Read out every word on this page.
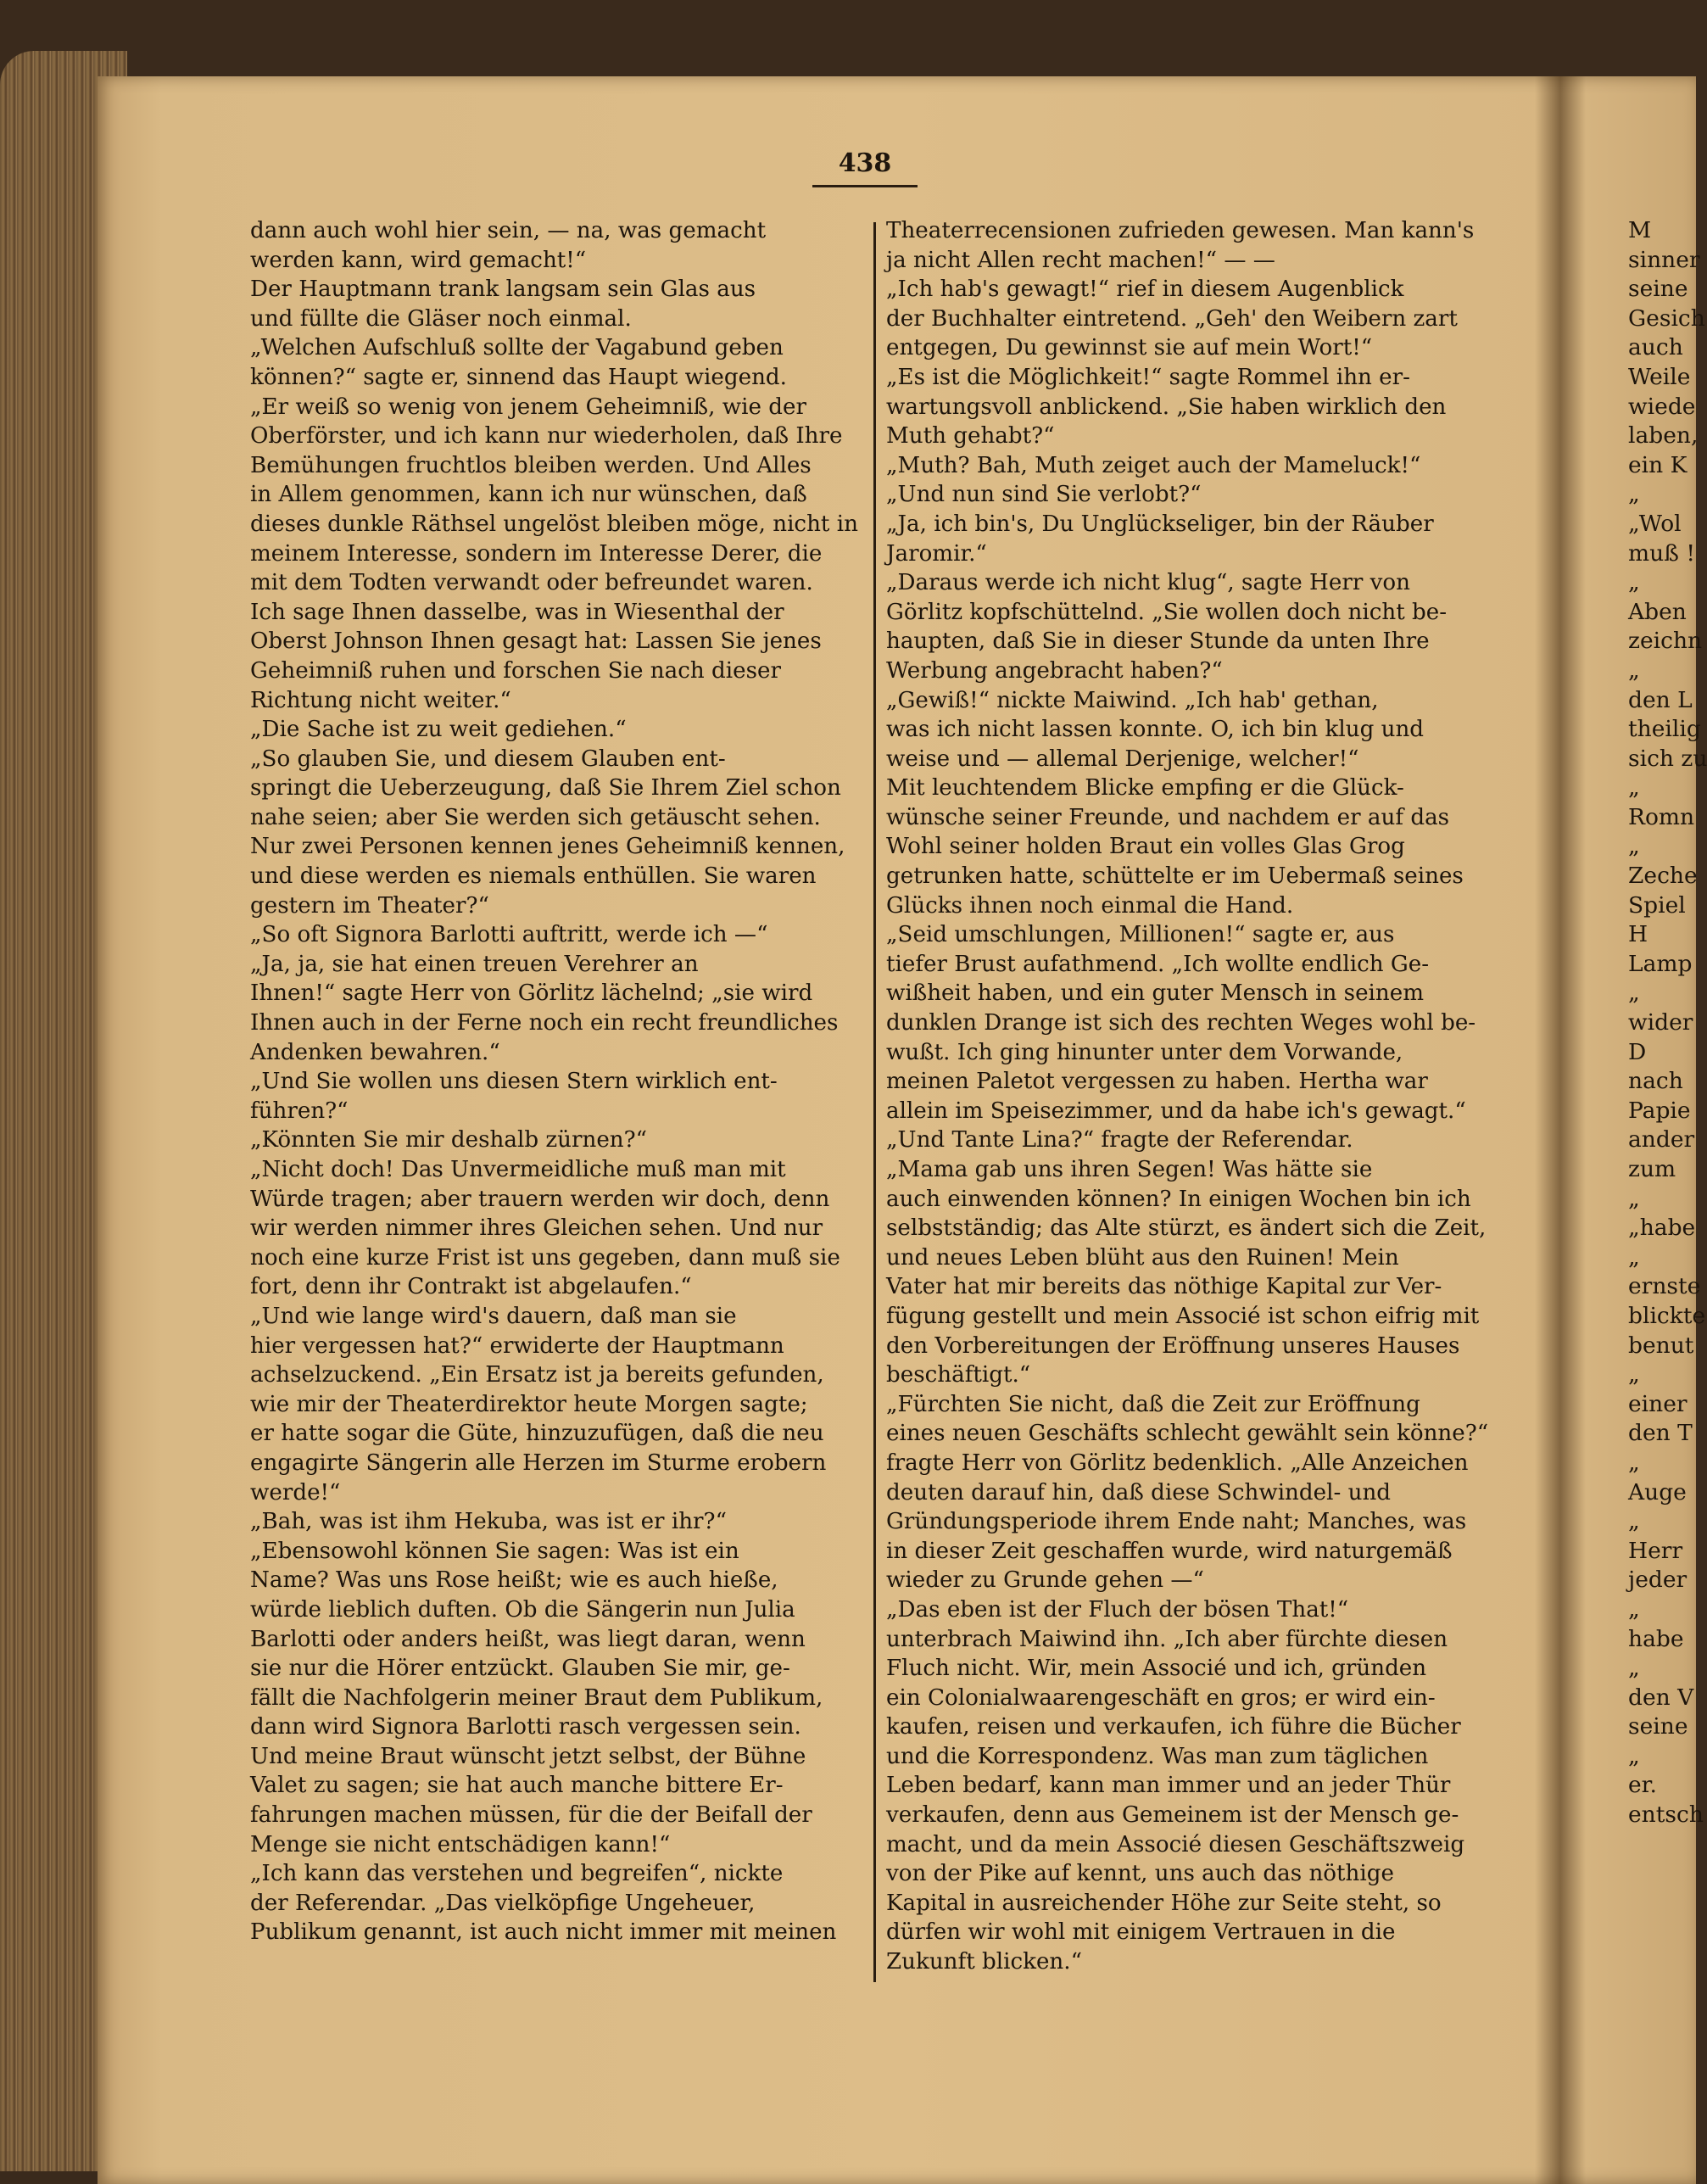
438

dann auch wohl hier sein, — na, was gemacht

werden kann, wird gemacht!“

Der Hauptmann trank langsam sein Glas aus

und füllte die Gläser noch einmal.

„Welchen Aufschluß sollte der Vagabund geben

können?“ sagte er, sinnend das Haupt wiegend.

„Er weiß so wenig von jenem Geheimniß, wie der

Oberförster, und ich kann nur wiederholen, daß Ihre

Bemühungen fruchtlos bleiben werden. Und Alles

in Allem genommen, kann ich nur wünschen, daß

dieses dunkle Räthsel ungelöst bleiben möge, nicht in

meinem Interesse, sondern im Interesse Derer, die

mit dem Todten verwandt oder befreundet waren.

Ich sage Ihnen dasselbe, was in Wiesenthal der

Oberst Johnson Ihnen gesagt hat: Lassen Sie jenes

Geheimniß ruhen und forschen Sie nach dieser

Richtung nicht weiter.“

„Die Sache ist zu weit gediehen.“

„So glauben Sie, und diesem Glauben ent-

springt die Ueberzeugung, daß Sie Ihrem Ziel schon

nahe seien; aber Sie werden sich getäuscht sehen.

Nur zwei Personen kennen jenes Geheimniß kennen,

und diese werden es niemals enthüllen. Sie waren

gestern im Theater?“

„So oft Signora Barlotti auftritt, werde ich —“

„Ja, ja, sie hat einen treuen Verehrer an

Ihnen!“ sagte Herr von Görlitz lächelnd; „sie wird

Ihnen auch in der Ferne noch ein recht freundliches

Andenken bewahren.“

„Und Sie wollen uns diesen Stern wirklich ent-

führen?“

„Könnten Sie mir deshalb zürnen?“

„Nicht doch! Das Unvermeidliche muß man mit

Würde tragen; aber trauern werden wir doch, denn

wir werden nimmer ihres Gleichen sehen. Und nur

noch eine kurze Frist ist uns gegeben, dann muß sie

fort, denn ihr Contrakt ist abgelaufen.“

„Und wie lange wird's dauern, daß man sie

hier vergessen hat?“ erwiderte der Hauptmann

achselzuckend. „Ein Ersatz ist ja bereits gefunden,

wie mir der Theaterdirektor heute Morgen sagte;

er hatte sogar die Güte, hinzuzufügen, daß die neu

engagirte Sängerin alle Herzen im Sturme erobern

werde!“

„Bah, was ist ihm Hekuba, was ist er ihr?“

„Ebensowohl können Sie sagen: Was ist ein

Name? Was uns Rose heißt; wie es auch hieße,

würde lieblich duften. Ob die Sängerin nun Julia

Barlotti oder anders heißt, was liegt daran, wenn

sie nur die Hörer entzückt. Glauben Sie mir, ge-

fällt die Nachfolgerin meiner Braut dem Publikum,

dann wird Signora Barlotti rasch vergessen sein.

Und meine Braut wünscht jetzt selbst, der Bühne

Valet zu sagen; sie hat auch manche bittere Er-

fahrungen machen müssen, für die der Beifall der

Menge sie nicht entschädigen kann!“

„Ich kann das verstehen und begreifen“, nickte

der Referendar. „Das vielköpfige Ungeheuer,

Publikum genannt, ist auch nicht immer mit meinen

Theaterrecensionen zufrieden gewesen. Man kann's

ja nicht Allen recht machen!“ — —

„Ich hab's gewagt!“ rief in diesem Augenblick

der Buchhalter eintretend. „Geh' den Weibern zart

entgegen, Du gewinnst sie auf mein Wort!“

„Es ist die Möglichkeit!“ sagte Rommel ihn er-

wartungsvoll anblickend. „Sie haben wirklich den

Muth gehabt?“

„Muth? Bah, Muth zeiget auch der Mameluck!“

„Und nun sind Sie verlobt?“

„Ja, ich bin's, Du Unglückseliger, bin der Räuber

Jaromir.“

„Daraus werde ich nicht klug“, sagte Herr von

Görlitz kopfschüttelnd. „Sie wollen doch nicht be-

haupten, daß Sie in dieser Stunde da unten Ihre

Werbung angebracht haben?“

„Gewiß!“ nickte Maiwind. „Ich hab' gethan,

was ich nicht lassen konnte. O, ich bin klug und

weise und — allemal Derjenige, welcher!“

Mit leuchtendem Blicke empfing er die Glück-

wünsche seiner Freunde, und nachdem er auf das

Wohl seiner holden Braut ein volles Glas Grog

getrunken hatte, schüttelte er im Uebermaß seines

Glücks ihnen noch einmal die Hand.

„Seid umschlungen, Millionen!“ sagte er, aus

tiefer Brust aufathmend. „Ich wollte endlich Ge-

wißheit haben, und ein guter Mensch in seinem

dunklen Drange ist sich des rechten Weges wohl be-

wußt. Ich ging hinunter unter dem Vorwande,

meinen Paletot vergessen zu haben. Hertha war

allein im Speisezimmer, und da habe ich's gewagt.“

„Und Tante Lina?“ fragte der Referendar.

„Mama gab uns ihren Segen! Was hätte sie

auch einwenden können? In einigen Wochen bin ich

selbstständig; das Alte stürzt, es ändert sich die Zeit,

und neues Leben blüht aus den Ruinen! Mein

Vater hat mir bereits das nöthige Kapital zur Ver-

fügung gestellt und mein Associé ist schon eifrig mit

den Vorbereitungen der Eröffnung unseres Hauses

beschäftigt.“

„Fürchten Sie nicht, daß die Zeit zur Eröffnung

eines neuen Geschäfts schlecht gewählt sein könne?“

fragte Herr von Görlitz bedenklich. „Alle Anzeichen

deuten darauf hin, daß diese Schwindel- und

Gründungsperiode ihrem Ende naht; Manches, was

in dieser Zeit geschaffen wurde, wird naturgemäß

wieder zu Grunde gehen —“

„Das eben ist der Fluch der bösen That!“

unterbrach Maiwind ihn. „Ich aber fürchte diesen

Fluch nicht. Wir, mein Associé und ich, gründen

ein Colonialwaarengeschäft en gros; er wird ein-

kaufen, reisen und verkaufen, ich führe die Bücher

und die Korrespondenz. Was man zum täglichen

Leben bedarf, kann man immer und an jeder Thür

verkaufen, denn aus Gemeinem ist der Mensch ge-

macht, und da mein Associé diesen Geschäftszweig

von der Pike auf kennt, uns auch das nöthige

Kapital in ausreichender Höhe zur Seite steht, so

dürfen wir wohl mit einigem Vertrauen in die

Zukunft blicken.“

M

sinner

seine

Gesich

auch

Weile

wiede

laben,

ein K

„

„Wol

muß !

„

Aben

zeichn

„

den L

theilig

sich zu

„

Romn

„

Zeche

Spiel

H

Lamp

„

wider

D

nach

Papie

ander

zum

„

„habe

„

ernste

blickte

benut

„

einer

den T

„

Auge

„

Herr

jeder

„

habe

„

den V

seine

„

er.

entsch
